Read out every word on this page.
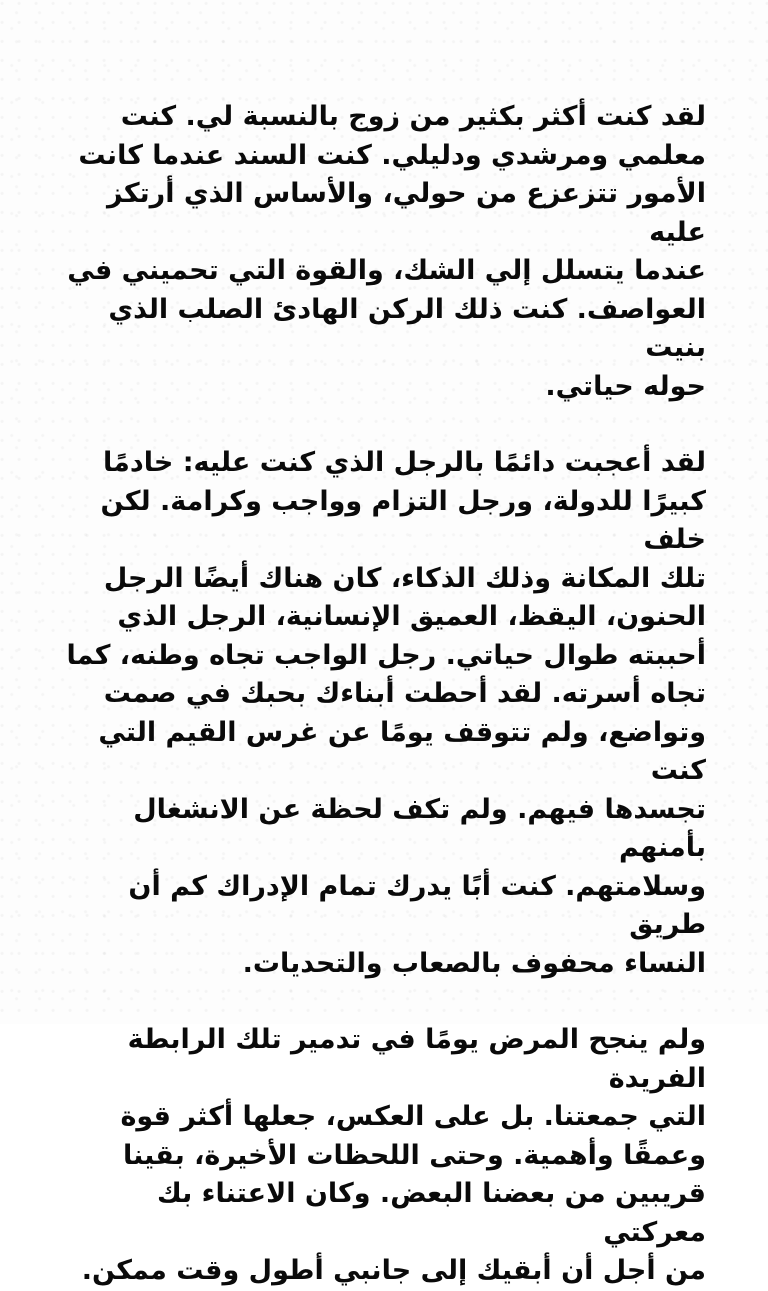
لقد كنت أكثر بكثير من زوج بالنسبة لي. كنت
معلمي ومرشدي ودليلي. كنت السند عندما كانت
الأمور تتزعزع من حولي، والأساس الذي أرتكز عليه
عندما يتسلل إلي الشك، والقوة التي تحميني في
العواصف. كنت ذلك الركن الهادئ الصلب الذي بنيت
حوله حياتي.

لقد أعجبت دائمًا بالرجل الذي كنت عليه: خادمًا
كبيرًا للدولة، ورجل التزام وواجب وكرامة. لكن خلف
تلك المكانة وذلك الذكاء، كان هناك أيضًا الرجل
الحنون، اليقظ، العميق الإنسانية، الرجل الذي
أحببته طوال حياتي. رجل الواجب تجاه وطنه، كما
تجاه أسرته. لقد أحطت أبناءك بحبك في صمت
وتواضع، ولم تتوقف يومًا عن غرس القيم التي كنت
تجسدها فيهم. ولم تكف لحظة عن الانشغال بأمنهم
وسلامتهم. كنت أبًا يدرك تمام الإدراك كم أن طريق
النساء محفوف بالصعاب والتحديات.

ولم ينجح المرض يومًا في تدمير تلك الرابطة الفريدة
التي جمعتنا. بل على العكس، جعلها أكثر قوة
وعمقًا وأهمية. وحتى اللحظات الأخيرة، بقينا
قريبين من بعضنا البعض. وكان الاعتناء بك معركتي
من أجل أن أبقيك إلى جانبي أطول وقت ممكن.
